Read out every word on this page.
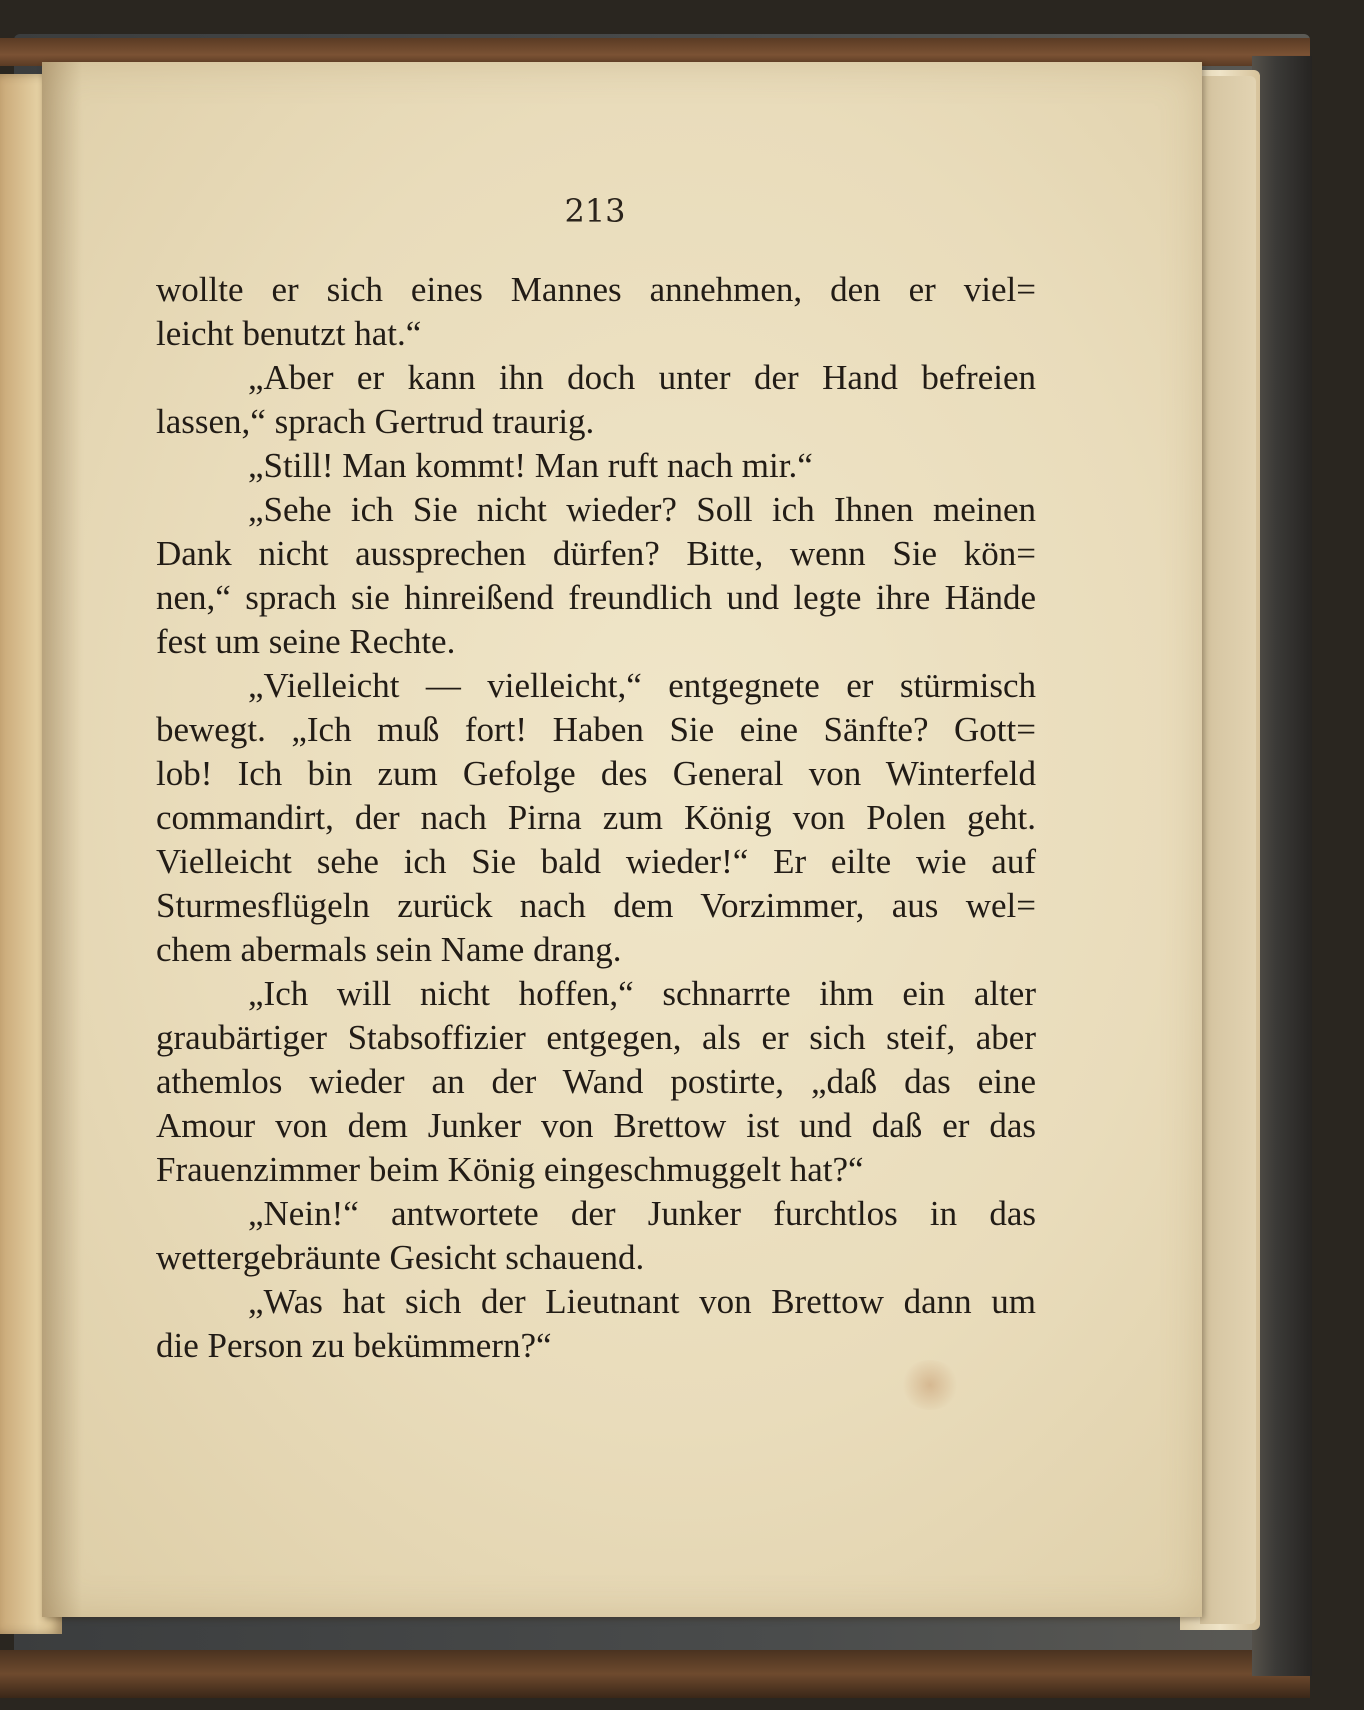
213
wollte er sich eines Mannes annehmen, den er viel=
leicht benutzt hat.“
„Aber er kann ihn doch unter der Hand befreien
lassen,“ sprach Gertrud traurig.
„Still! Man kommt! Man ruft nach mir.“
„Sehe ich Sie nicht wieder? Soll ich Ihnen meinen
Dank nicht aussprechen dürfen? Bitte, wenn Sie kön=
nen,“ sprach sie hinreißend freundlich und legte ihre Hände
fest um seine Rechte.
„Vielleicht — vielleicht,“ entgegnete er stürmisch
bewegt. „Ich muß fort! Haben Sie eine Sänfte? Gott=
lob! Ich bin zum Gefolge des General von Winterfeld
commandirt, der nach Pirna zum König von Polen geht.
Vielleicht sehe ich Sie bald wieder!“ Er eilte wie auf
Sturmesflügeln zurück nach dem Vorzimmer, aus wel=
chem abermals sein Name drang.
„Ich will nicht hoffen,“ schnarrte ihm ein alter
graubärtiger Stabsoffizier entgegen, als er sich steif, aber
athemlos wieder an der Wand postirte, „daß das eine
Amour von dem Junker von Brettow ist und daß er das
Frauenzimmer beim König eingeschmuggelt hat?“
„Nein!“ antwortete der Junker furchtlos in das
wettergebräunte Gesicht schauend.
„Was hat sich der Lieutnant von Brettow dann um
die Person zu bekümmern?“
